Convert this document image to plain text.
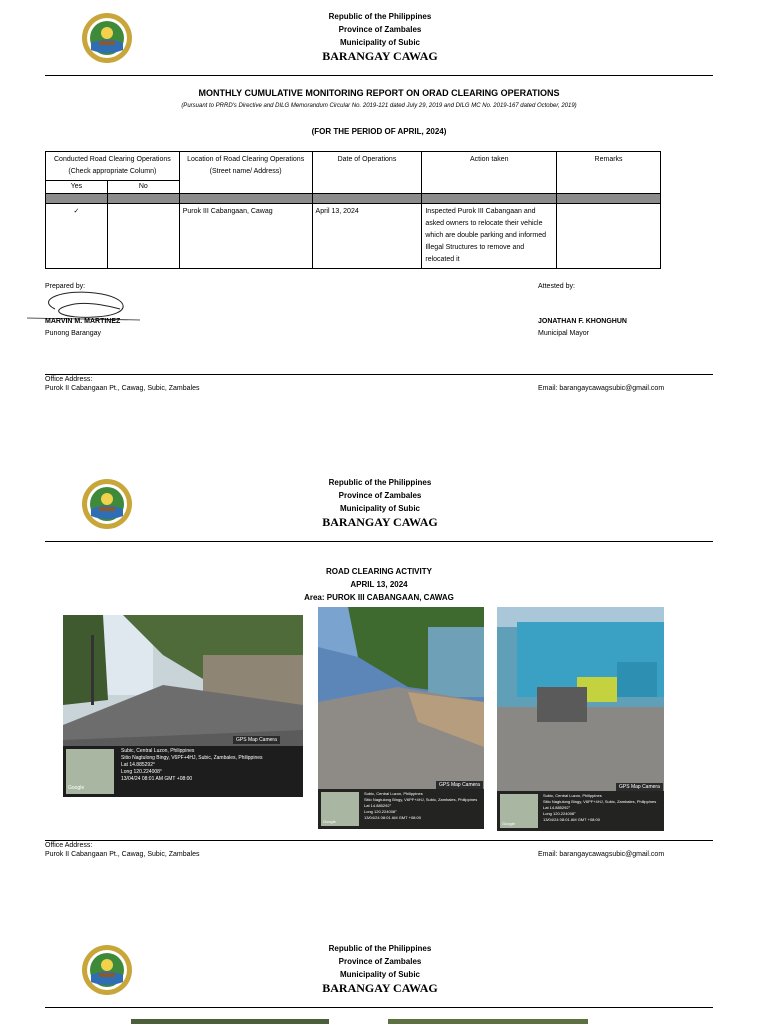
Republic of the Philippines
Province of Zambales
Municipality of Subic
BARANGAY CAWAG
MONTHLY CUMULATIVE MONITORING REPORT ON ORAD CLEARING OPERATIONS
(Pursuant to PRRD's Directive and DILG Memorandum Circular No. 2019-121 dated July 29, 2019 and DILG MC No. 2019-167 dated October, 2019)
(FOR THE PERIOD OF APRIL, 2024)
Conducted Road Clearing Operations (Check appropriate Column)		Location of Road Clearing Operations (Street name/ Address)	Date of Operations	Action taken	Remarks
Yes	No				

✓		Purok III Cabangaan, Cawag	April 13, 2024	Inspected Purok III Cabangaan and asked owners to relocate their vehicle which are double parking and informed Illegal Structures to remove and relocated it	
Prepared by:
MARVIN M. MARTINEZ
Punong Barangay
Attested by:
JONATHAN F. KHONGHUN
Municipal Mayor
Office Address:
Purok II Cabangaan Pt., Cawag, Subic, Zambales	Email: barangaycawagsubic@gmail.com
Republic of the Philippines
Province of Zambales
Municipality of Subic
BARANGAY CAWAG
ROAD CLEARING ACTIVITY
APRIL 13, 2024
Area: PUROK III CABANGAAN, CAWAG
GPS Map Camera
Google
Subic, Central Luzon, Philippines
Sitio Nagtulong Bingy, V6PF+4HJ, Subic, Zambales, Philippines
Lat 14.885292°
Long 120.224008°
13/04/24 08:01 AM GMT +08:00
GPS Map Camera
Google
Subic, Central Luzon, Philippines
Sitio Nagtulong Bingy, V6PF+4HJ, Subic, Zambales, Philippines
Lat 14.885292°
Long 120.224008°
13/04/24 08:01 AM GMT +08:00
GPS Map Camera
Google
Subic, Central Luzon, Philippines
Sitio Nagtulong Bingy, V6PF+4HJ, Subic, Zambales, Philippines
Lat 14.885292°
Long 120.224008°
13/04/24 08:01 AM GMT +08:00
Office Address:
Purok II Cabangaan Pt., Cawag, Subic, Zambales	Email: barangaycawagsubic@gmail.com
Republic of the Philippines
Province of Zambales
Municipality of Subic
BARANGAY CAWAG
